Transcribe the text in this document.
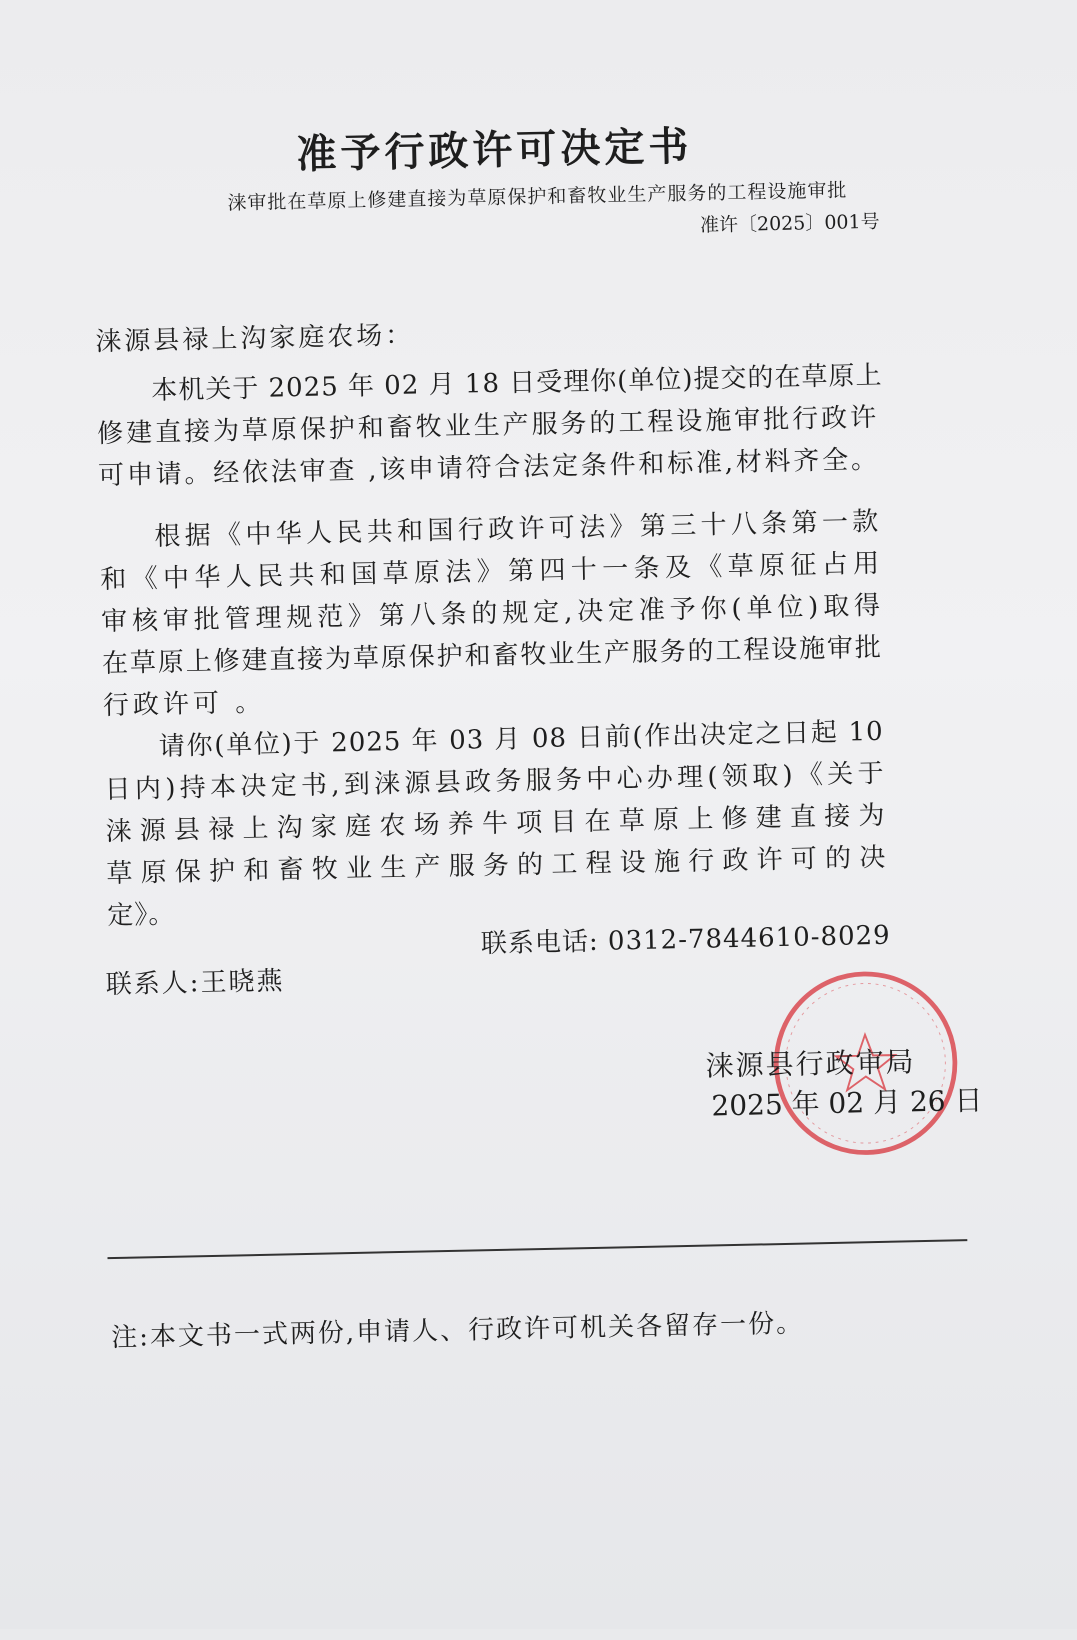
准予行政许可决定书
涞审批在草原上修建直接为草原保护和畜牧业生产服务的工程设施审批
准许〔2025〕001号
涞源县禄上沟家庭农场：
本机关于 2025 年 02 月 18 日受理你(单位)提交的在草原上
修建直接为草原保护和畜牧业生产服务的工程设施审批行政许
可申请。经依法审查 ,该申请符合法定条件和标准,材料齐全。
根据《中华人民共和国行政许可法》第三十八条第一款
和《中华人民共和国草原法》第四十一条及《草原征占用
审核审批管理规范》第八条的规定,决定准予你(单位)取得
在草原上修建直接为草原保护和畜牧业生产服务的工程设施审批
行政许可 。
请你(单位)于 2025 年 03 月 08 日前(作出决定之日起 10
日内)持本决定书,到涞源县政务服务中心办理(领取)《关于
涞源县禄上沟家庭农场养牛项目在草原上修建直接为
草原保护和畜牧业生产服务的工程设施行政许可的决
定》。
联系电话: 0312-7844610-8029
联系人:王晓燕
涞源县行政审局
2025 年 02 月 26 日
注:本文书一式两份,申请人、行政许可机关各留存一份。
